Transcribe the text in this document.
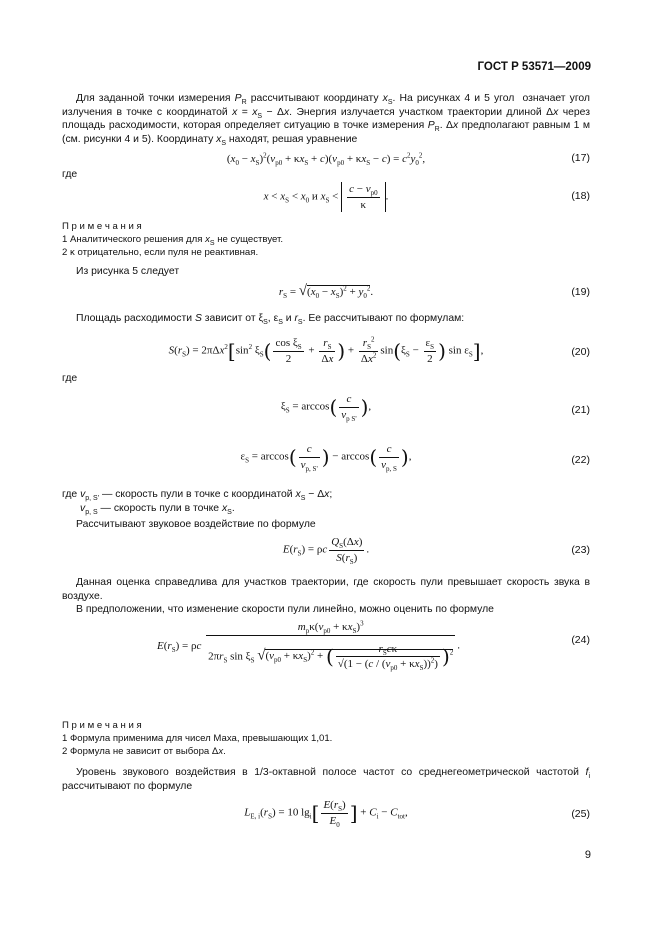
ГОСТ Р 53571—2009
Для заданной точки измерения $P_R$ рассчитывают координату $x_S$. На рисунках 4 и 5 угол  означает угол излучения в точке с координатой $x = x_S - \Delta x$. Энергия излучается участком траектории длиной Δx через площадь расходимости, которая определяет ситуацию в точке измерения $P_R$. Δx предполагают равным 1 м (см. рисунки 4 и 5). Координату $x_S$ находят, решая уравнение
$(x_0 - x_S)^2(v_{p0} + \kappa x_S + c)(v_{p0} + \kappa x_S - c) = c^2y_0^2$,	(17)
где
$x < x_S < x_0$ и $x_S < \frac{c - v_{p0}}{\kappa}$ .	(18)
П р и м е ч а н и я
1 Аналитического решения для $x_S$ не существует.
2 κ отрицательно, если пуля не реактивная.
Из рисунка 5 следует
$r_S = √(x_0 - x_S)^2 + y_0^2$.	(19)
Площадь расходимости S зависит от $\xi_S$, $\varepsilon_S$ и $r_S$. Ее рассчитывают по формулам:
$S(r_S) = 2\pi\Delta x^2[\sin^2$ $\xi_S( \frac{\cos \xi_S}{2} + \frac{r_S}{\Delta x}$ ) + $\frac{r_S^2}{\Delta x^2} \sin(\xi_S - \frac{\varepsilon_S}{2}$ ) $\sin \varepsilon_S$],	(20)
где
$\xi_S = \arccos( \frac{c}{v_{p S'}}$ ),	(21)
$\varepsilon_S = \arccos( \frac{c}{v_{p, S'}}$ ) − $\arccos( \frac{c}{v_{p, S}}$ ),	(22)
где $v_{p, S'}$ — скорость пули в точке с координатой $x_S - \Delta x$;
$v_{p, S}$ — скорость пули в точке $x_S$.
Рассчитывают звуковое воздействие по формуле
$E(r_S) = \rho c \frac{Q_S(\Delta x)}{S(r_S)}$ .	(23)
Данная оценка справедлива для участков траектории, где скорость пули превышает скорость звука в воздухе.
В предположении, что изменение скорости пули линейно, можно оценить по формуле
$E(r_S) = \rho c \frac{m_p\kappa(v_{p0} + \kappa x_S)^3}{2\pi r_S \sin \xi_S √(v_{p0} + \kappa x_S)^2 + ( \frac{r_Sc\kappa}{√(1 - (c / (v_{p0} + \kappa x_S))^2)} )^2}$ .	(24)
П р и м е ч а н и я
1 Формула применима для чисел Маха, превышающих 1,01.
2 Формула не зависит от выбора Δx.
Уровень звукового воздействия в 1/3-октавной полосе частот со среднегеометрической частотой $f_i$ рассчитывают по формуле
$L_{E, i}(r_S) = 10$ $\lg_i[ \frac{E(r_S)}{E_0}$ ] + $C_i - C_{tot}$,	(25)
9
